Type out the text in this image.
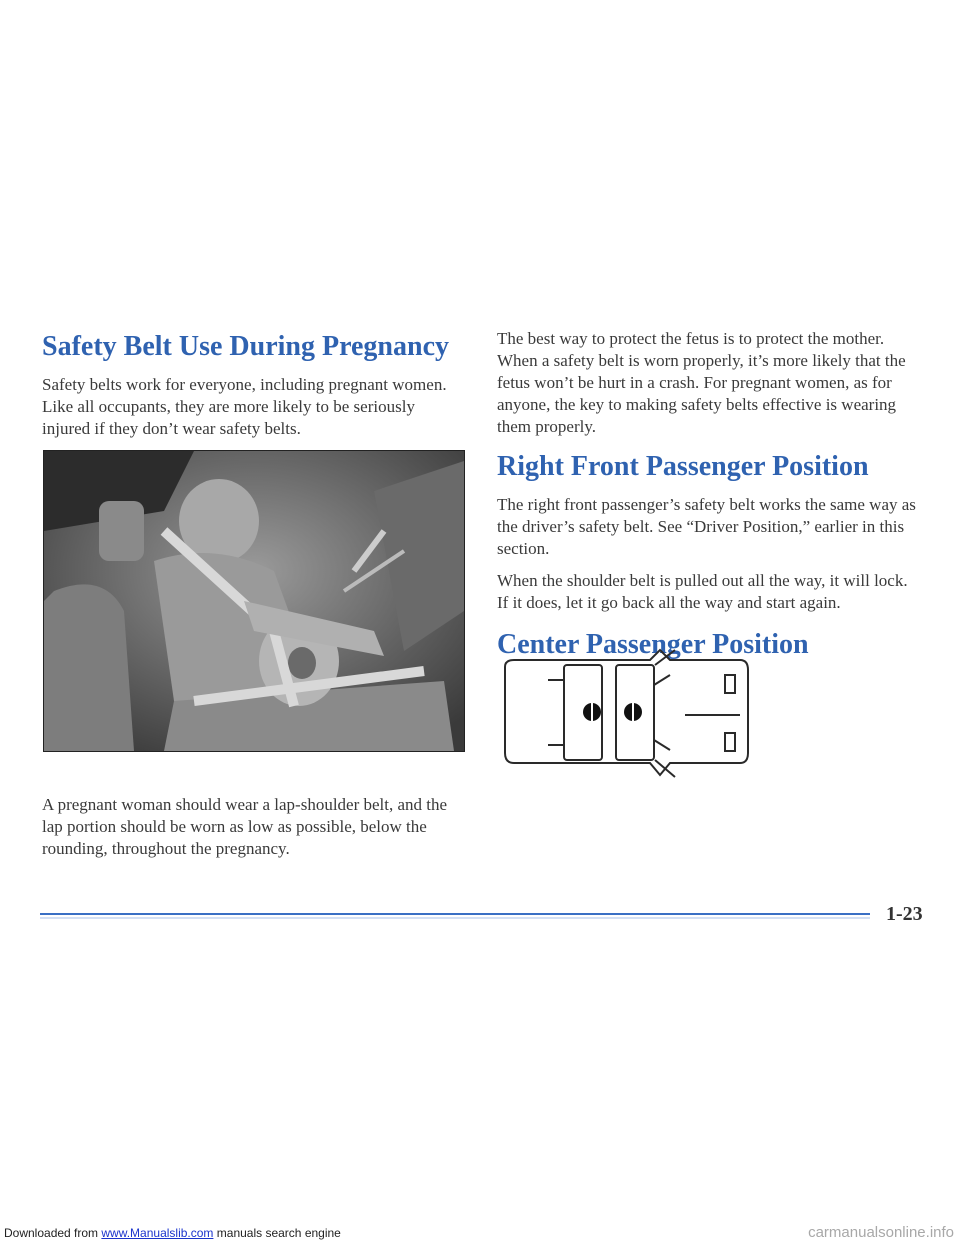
Safety Belt Use During Pregnancy

Safety belts work for everyone, including pregnant women. Like all occupants, they are more likely to be seriously injured if they don’t wear safety belts.

A pregnant woman should wear a lap-shoulder belt, and the lap portion should be worn as low as possible, below the rounding, throughout the pregnancy.

The best way to protect the fetus is to protect the mother. When a safety belt is worn properly, it’s more likely that the fetus won’t be hurt in a crash. For pregnant women, as for anyone, the key to making safety belts effective is wearing them properly.

Right Front Passenger Position

The right front passenger’s safety belt works the same way as the driver’s safety belt. See “Driver Position,” earlier in this section.

When the shoulder belt is pulled out all the way, it will lock. If it does, let it go back all the way and start again.

Center Passenger Position
1-23
Downloaded from www.Manualslib.com manuals search engine	carmanualsonline.info
